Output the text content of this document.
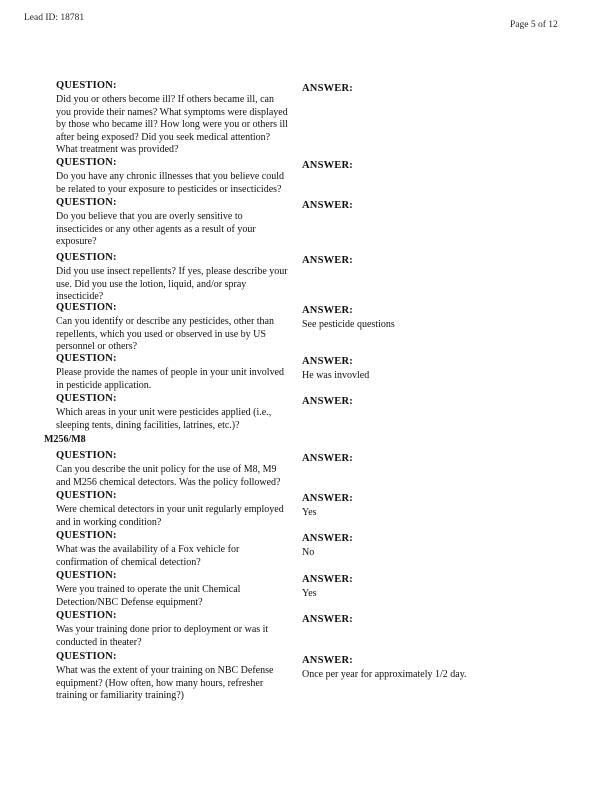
Lead ID: 18781
Page 5 of 12
QUESTION:
Did you or others become ill? If others became ill, can you provide their names? What symptoms were displayed by those who became ill? How long were you or others ill after being exposed? Did you seek medical attention? What treatment was provided?
ANSWER:
QUESTION:
Do you have any chronic illnesses that you believe could be related to your exposure to pesticides or insecticides?
ANSWER:
QUESTION:
Do you believe that you are overly sensitive to insecticides or any other agents as a result of your exposure?
ANSWER:
QUESTION:
Did you use insect repellents? If yes, please describe your use. Did you use the lotion, liquid, and/or spray insecticide?
ANSWER:
QUESTION:
Can you identify or describe any pesticides, other than repellents, which you used or observed in use by US personnel or others?
ANSWER:
See pesticide questions
QUESTION:
Please provide the names of people in your unit involved in pesticide application.
ANSWER:
He was invovled
QUESTION:
Which areas in your unit were pesticides applied (i.e., sleeping tents, dining facilities, latrines, etc.)?
ANSWER:
M256/M8
QUESTION:
Can you describe the unit policy for the use of M8, M9 and M256 chemical detectors. Was the policy followed?
ANSWER:
QUESTION:
Were chemical detectors in your unit regularly employed and in working condition?
ANSWER:
Yes
QUESTION:
What was the availability of a Fox vehicle for confirmation of chemical detection?
ANSWER:
No
QUESTION:
Were you trained to operate the unit Chemical Detection/NBC Defense equipment?
ANSWER:
Yes
QUESTION:
Was your training done prior to deployment or was it conducted in theater?
ANSWER:
QUESTION:
What was the extent of your training on NBC Defense equipment? (How often, how many hours, refresher training or familiarity training?)
ANSWER:
Once per year for approximately 1/2 day.
